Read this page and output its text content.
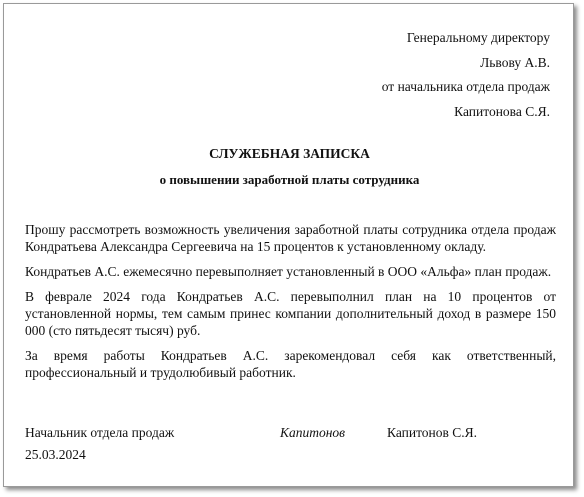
Генеральному директору
Львову А.В.
от начальника отдела продаж
Капитонова С.Я.
СЛУЖЕБНАЯ ЗАПИСКА
о повышении заработной платы сотрудника

Прошу рассмотреть возможность увеличения заработной платы сотрудника отдела продаж Кондратьева Александра Сергеевича на 15 процентов к установленному окладу.

Кондратьев А.С. ежемесячно перевыполняет установленный в ООО «Альфа» план продаж.

В феврале 2024 года Кондратьев А.С. перевыполнил план на 10 процентов от установленной нормы, тем самым принес компании дополнительный доход в размере 150 000 (сто пятьдесят тысяч) руб.

За время работы Кондратьев А.С. зарекомендовал себя как ответственный, профессиональный и трудолюбивый работник.

Начальник отдела продаж	Капитонов	Капитонов С.Я.
25.03.2024
